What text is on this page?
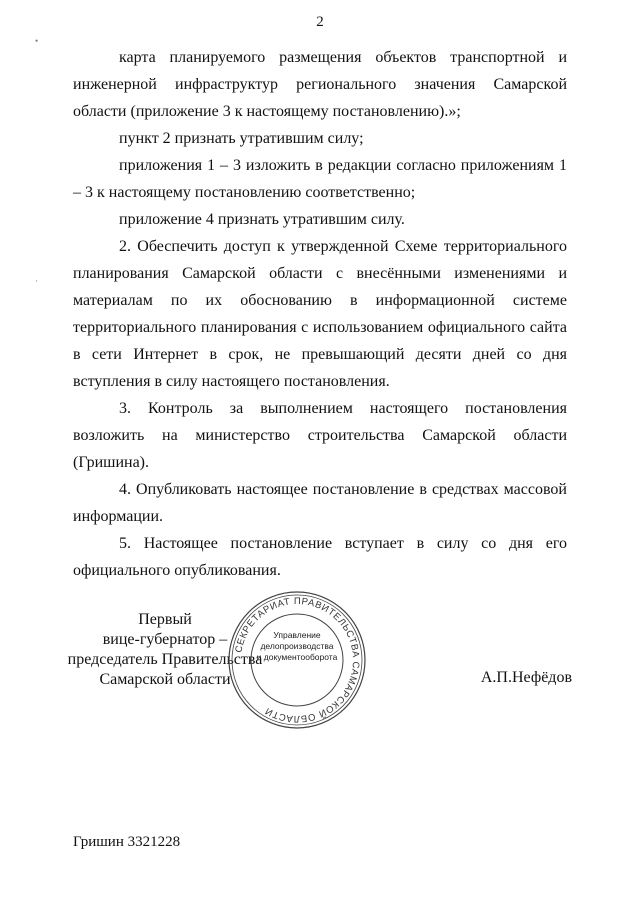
2
•
·

карта планируемого размещения объектов транспортной и инженерной инфраструктур регионального значения Самарской области (приложение 3 к настоящему постановлению).»;

пункт 2 признать утратившим силу;

приложения 1 – 3 изложить в редакции согласно приложениям 1 – 3 к настоящему постановлению соответственно;

приложение 4 признать утратившим силу.

2. Обеспечить доступ к утвержденной Схеме территориального планирования Самарской области с внесёнными изменениями и материалам по их обоснованию в информационной системе территориального планирования с использованием официального сайта в сети Интернет в срок, не превышающий десяти дней со дня вступления в силу настоящего постановления.

3. Контроль за выполнением настоящего постановления возложить на министерство строительства Самарской области (Гришина).

4. Опубликовать настоящее постановление в средствах массовой информации.

5. Настоящее постановление вступает в силу со дня его официального опубликования.

Первый
вице-губернатор –
председатель Правительства
Самарской области
СЕКРЕТАРИАТ ПРАВИТЕЛЬСТВА САМАРСКОЙ ОБЛАСТИ
Управление
делопроизводства
и документооборота
А.П.Нефёдов
Гришин 3321228
